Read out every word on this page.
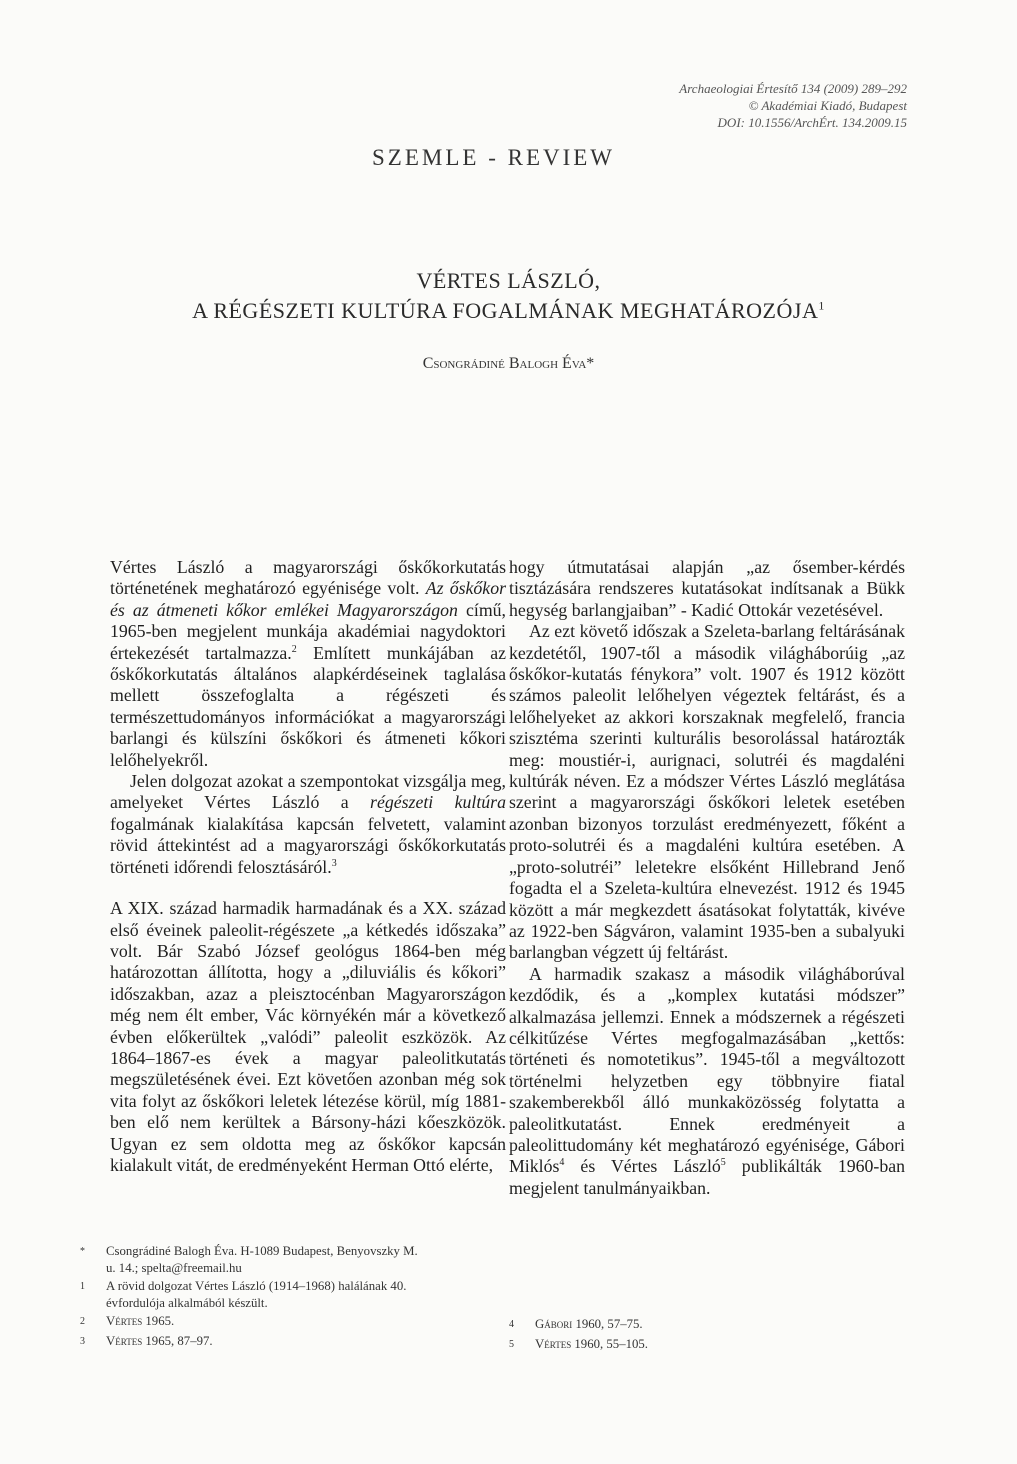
Archaeologiai Értesítő 134 (2009) 289–292
© Akadémiai Kiadó, Budapest
DOI: 10.1556/ArchÉrt. 134.2009.15
SZEMLE - REVIEW
VÉRTES LÁSZLÓ,
A RÉGÉSZETI KULTÚRA FOGALMÁNAK MEGHATÁROZÓJA$^1$
Csongrádiné Balogh Éva*

Vértes László a magyarországi őskőkorkutatás történetének meghatározó egyénisége volt. Az őskőkor és az átmeneti kőkor emlékei Magyarországon című, 1965-ben megjelent munkája akadémiai nagydoktori értekezését tartalmazza.$^2$ Említett munkájában az őskőkorkutatás általános alapkérdéseinek taglalása mellett összefoglalta a régészeti és természettudományos információkat a magyarországi barlangi és külszíni őskőkori és átmeneti kőkori lelőhelyekről.

Jelen dolgozat azokat a szempontokat vizsgálja meg, amelyeket Vértes László a régészeti kultúra fogalmának kialakítása kapcsán felvetett, valamint rövid áttekintést ad a magyarországi őskőkorkutatás történeti időrendi felosztásáról.$^3$

A XIX. század harmadik harmadának és a XX. század első éveinek paleolit-régészete „a kétkedés időszaka” volt. Bár Szabó József geológus 1864-ben még határozottan állította, hogy a „diluviális és kőkori” időszakban, azaz a pleisztocénban Magyarországon még nem élt ember, Vác környékén már a következő évben előkerültek „valódi” paleolit eszközök. Az 1864–1867-es évek a magyar paleolitkutatás megszületésének évei. Ezt követően azonban még sok vita folyt az őskőkori leletek létezése körül, míg 1881-ben elő nem kerültek a Bársony-házi kőeszközök. Ugyan ez sem oldotta meg az őskőkor kapcsán kialakult vitát, de eredményeként Herman Ottó elérte,

hogy útmutatásai alapján „az ősember-kérdés tisztázására rendszeres kutatásokat indítsanak a Bükk hegység barlangjaiban” - Kadić Ottokár vezetésével.

Az ezt követő időszak a Szeleta-barlang feltárásának kezdetétől, 1907-től a második világháborúig „az őskőkor-kutatás fénykora” volt. 1907 és 1912 között számos paleolit lelőhelyen végeztek feltárást, és a lelőhelyeket az akkori korszaknak megfelelő, francia szisztéma szerinti kulturális besorolással határozták meg: moustiér-i, aurignaci, solutréi és magdaléni kultúrák néven. Ez a módszer Vértes László meglátása szerint a magyarországi őskőkori leletek esetében azonban bizonyos torzulást eredményezett, főként a proto-solutréi és a magdaléni kultúra esetében. A „proto-solutréi” leletekre elsőként Hillebrand Jenő fogadta el a Szeleta-kultúra elnevezést. 1912 és 1945 között a már megkezdett ásatásokat folytatták, kivéve az 1922-ben Ságváron, valamint 1935-ben a subalyuki barlangban végzett új feltárást.

A harmadik szakasz a második világháborúval kezdődik, és a „komplex kutatási módszer” alkalmazása jellemzi. Ennek a módszernek a régészeti célkitűzése Vértes megfogalmazásában „kettős: történeti és nomotetikus”. 1945-től a megváltozott történelmi helyzetben egy többnyire fiatal szakemberekből álló munkaközösség folytatta a paleolitkutatást. Ennek eredményeit a paleolittudomány két meghatározó egyénisége, Gábori Miklós$^4$ és Vértes László$^5$ publikálták 1960-ban megjelent tanulmányaikban.

*	Csongrádiné Balogh Éva. H-1089 Budapest, Benyovszky M. u. 14.; spelta@freemail.hu
1	A rövid dolgozat Vértes László (1914–1968) halálának 40. évfordulója alkalmából készült.
2	Vértes 1965.
3	Vértes 1965, 87–97.
4	Gábori 1960, 57–75.
5	Vértes 1960, 55–105.
